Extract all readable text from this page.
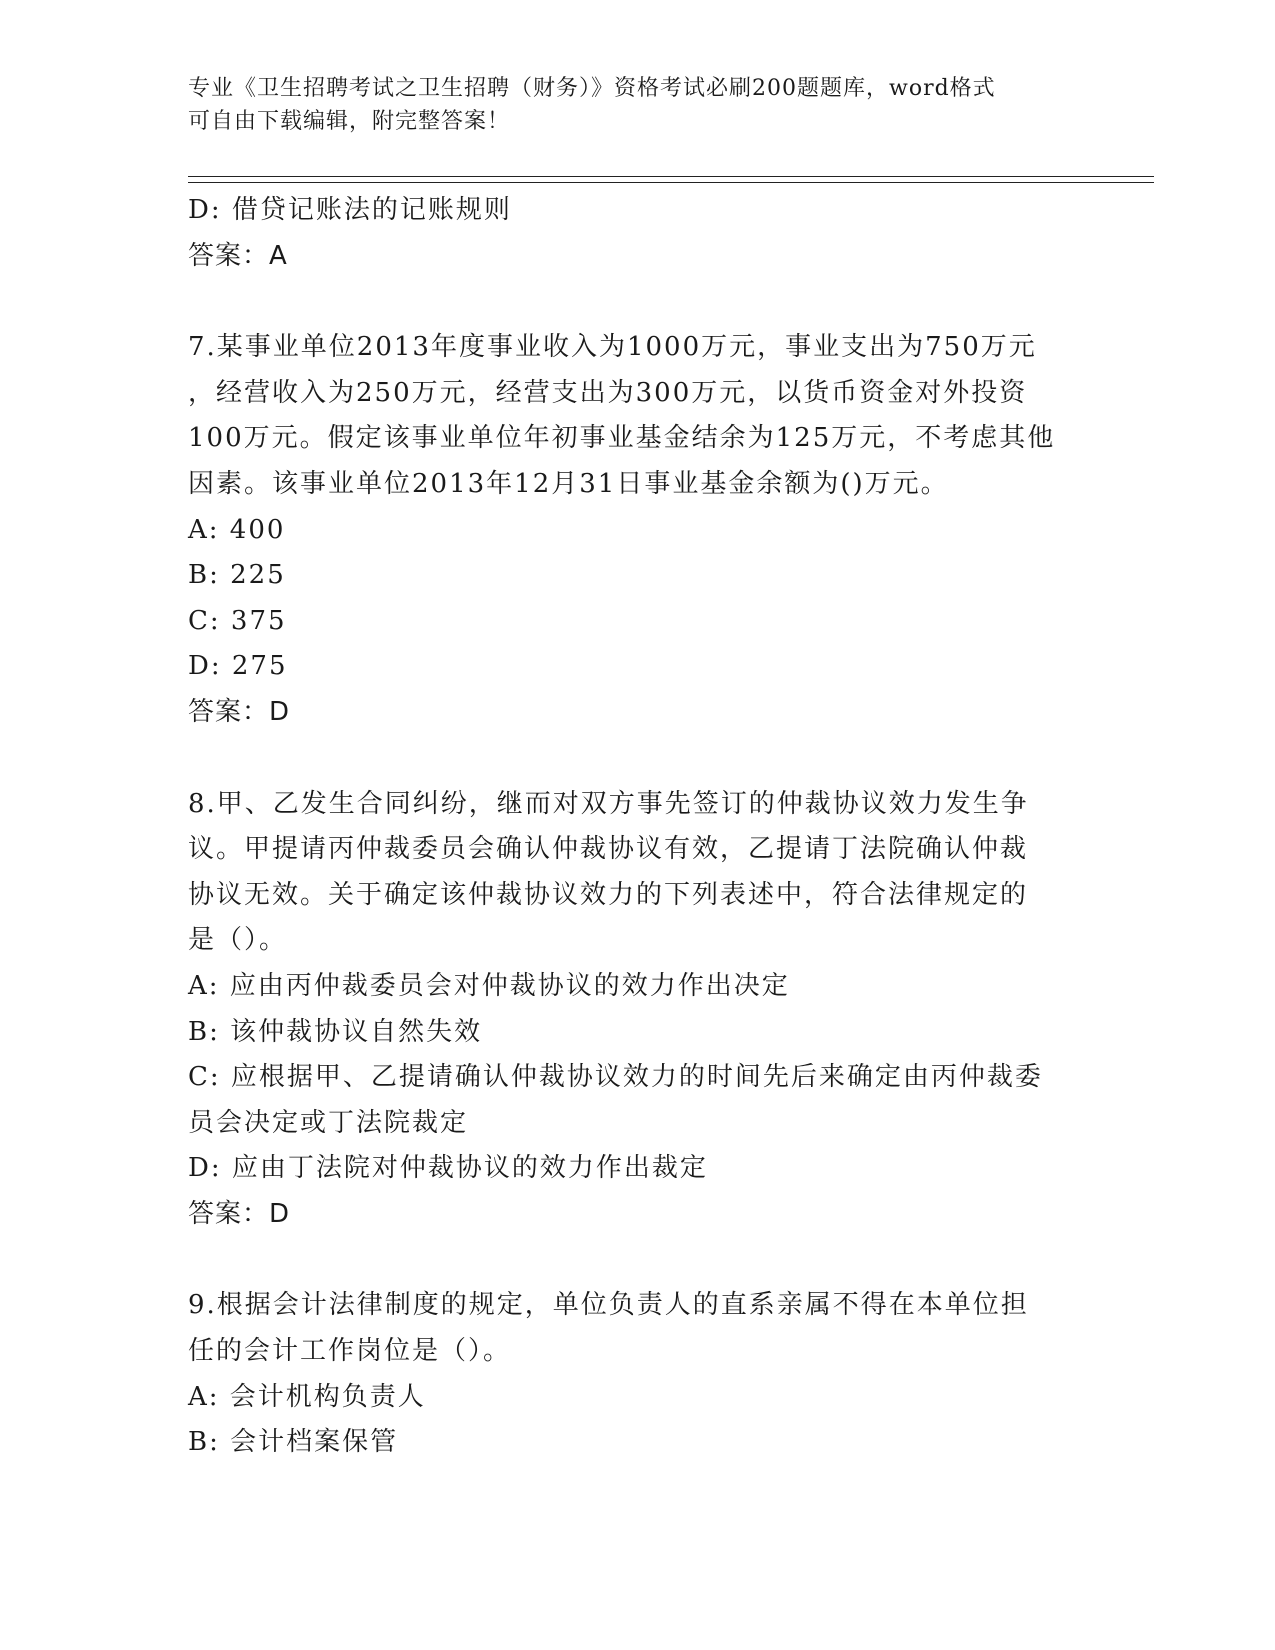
专业《卫生招聘考试之卫生招聘（财务）》资格考试必刷200题题库，word格式
可自由下载编辑，附完整答案！
D: 借贷记账法的记账规则
答案：A
7.某事业单位2013年度事业收入为1000万元，事业支出为750万元
，经营收入为250万元，经营支出为300万元，以货币资金对外投资
100万元。假定该事业单位年初事业基金结余为125万元，不考虑其他
因素。该事业单位2013年12月31日事业基金余额为()万元。
A: 400
B: 225
C: 375
D: 275
答案：D
8.甲、乙发生合同纠纷，继而对双方事先签订的仲裁协议效力发生争
议。甲提请丙仲裁委员会确认仲裁协议有效，乙提请丁法院确认仲裁
协议无效。关于确定该仲裁协议效力的下列表述中，符合法律规定的
是（）。
A: 应由丙仲裁委员会对仲裁协议的效力作出决定
B: 该仲裁协议自然失效
C: 应根据甲、乙提请确认仲裁协议效力的时间先后来确定由丙仲裁委
员会决定或丁法院裁定
D: 应由丁法院对仲裁协议的效力作出裁定
答案：D
9.根据会计法律制度的规定，单位负责人的直系亲属不得在本单位担
任的会计工作岗位是（）。
A: 会计机构负责人
B: 会计档案保管
